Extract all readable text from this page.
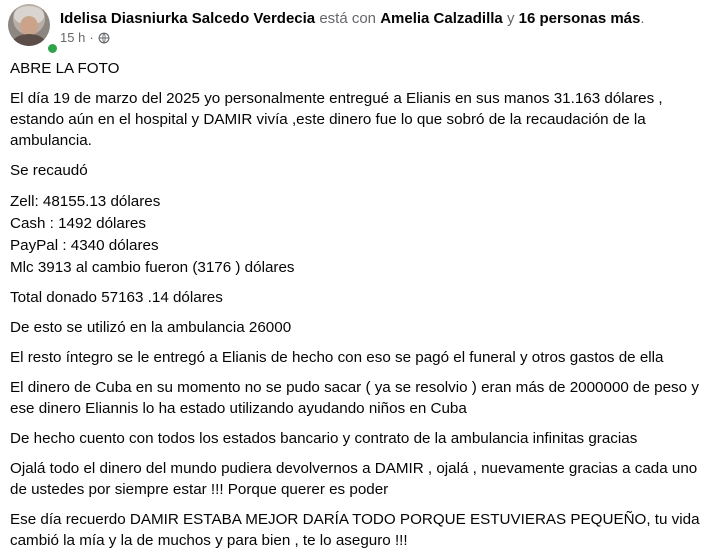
Idelisa Diasniurka Salcedo Verdecia está con Amelia Calzadilla y 16 personas más.
15 h ·

ABRE LA FOTO

El día 19 de marzo del 2025 yo personalmente entregué a Elianis en sus manos 31.163 dólares , estando aún en el hospital y DAMIR vivía ,este dinero fue lo que sobró de la recaudación de la ambulancia.

Se recaudó

Zell: 48155.13 dólares

Cash : 1492 dólares

PayPal : 4340 dólares

Mlc 3913 al cambio fueron (3176 ) dólares

Total donado 57163 .14 dólares

De esto se utilizó en la ambulancia 26000

El resto íntegro se le entregó a Elianis de hecho con eso se pagó el funeral y otros gastos de ella

El dinero de Cuba en su momento no se pudo sacar ( ya se resolvio ) eran más de 2000000 de peso y ese dinero Eliannis lo ha estado utilizando ayudando niños en Cuba

De hecho cuento con todos los estados bancario y contrato de la ambulancia infinitas gracias

Ojalá todo el dinero del mundo pudiera devolvernos a DAMIR , ojalá , nuevamente gracias a cada uno de ustedes por siempre estar !!! Porque querer es poder

Ese día recuerdo DAMIR ESTABA MEJOR DARÍA TODO PORQUE ESTUVIERAS PEQUEÑO, tu vida cambió la mía y la de muchos y para bien , te lo aseguro !!!
